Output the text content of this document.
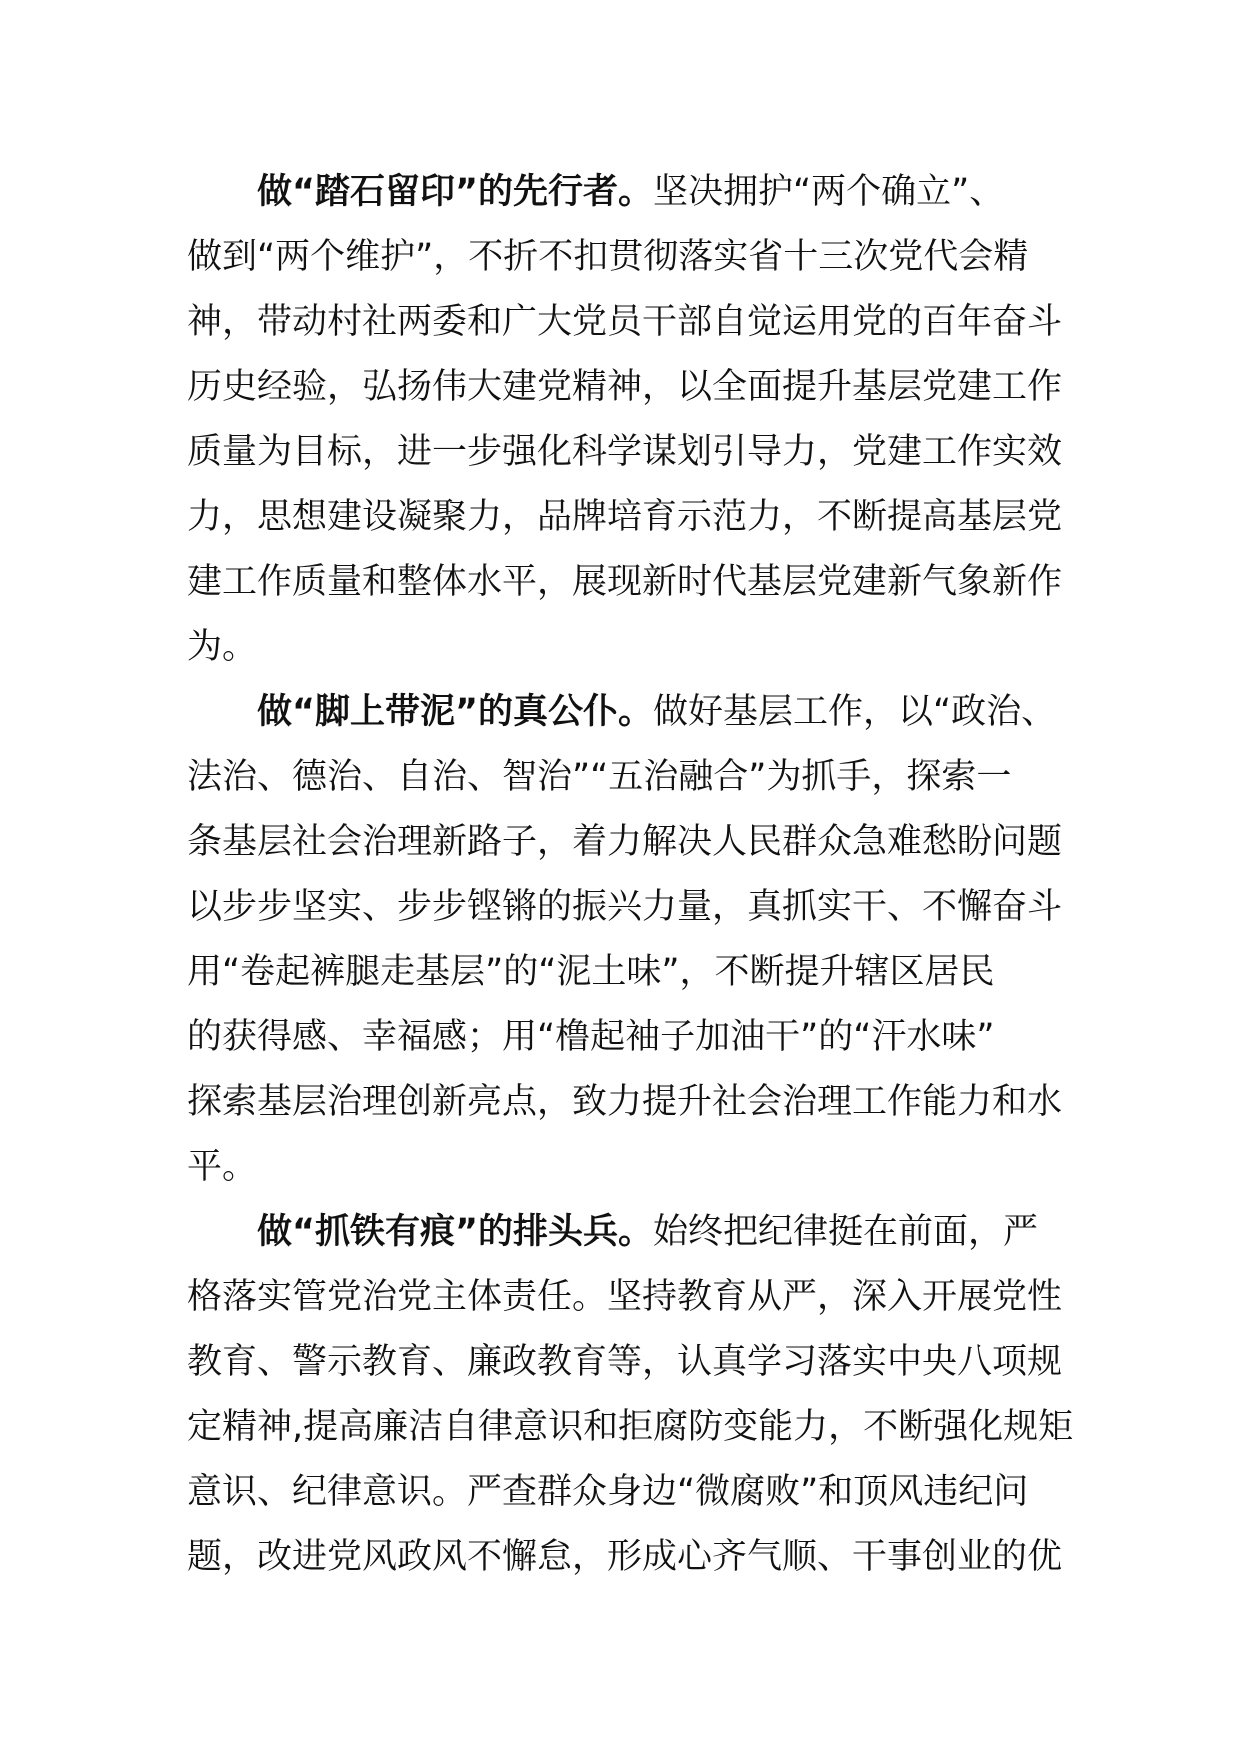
做“踏石留印”的先行者。坚决拥护“两个确立”、
做到“两个维护”，不折不扣贯彻落实省十三次党代会精
神，带动村社两委和广大党员干部自觉运用党的百年奋斗
历史经验，弘扬伟大建党精神，以全面提升基层党建工作
质量为目标，进一步强化科学谋划引导力，党建工作实效
力，思想建设凝聚力，品牌培育示范力，不断提高基层党
建工作质量和整体水平，展现新时代基层党建新气象新作
为。
做“脚上带泥”的真公仆。做好基层工作，以“政治、
法治、德治、自治、智治”“五治融合”为抓手，探索一
条基层社会治理新路子，着力解决人民群众急难愁盼问题
以步步坚实、步步铿锵的振兴力量，真抓实干、不懈奋斗
用“卷起裤腿走基层”的“泥土味”，不断提升辖区居民
的获得感、幸福感；用“橹起袖子加油干”的“汗水味”
探索基层治理创新亮点，致力提升社会治理工作能力和水
平。
做“抓铁有痕”的排头兵。始终把纪律挺在前面，严
格落实管党治党主体责任。坚持教育从严，深入开展党性
教育、警示教育、廉政教育等，认真学习落实中央八项规
定精神,提高廉洁自律意识和拒腐防变能力，不断强化规矩
意识、纪律意识。严查群众身边“微腐败”和顶风违纪问
题，改进党风政风不懈怠，形成心齐气顺、干事创业的优
